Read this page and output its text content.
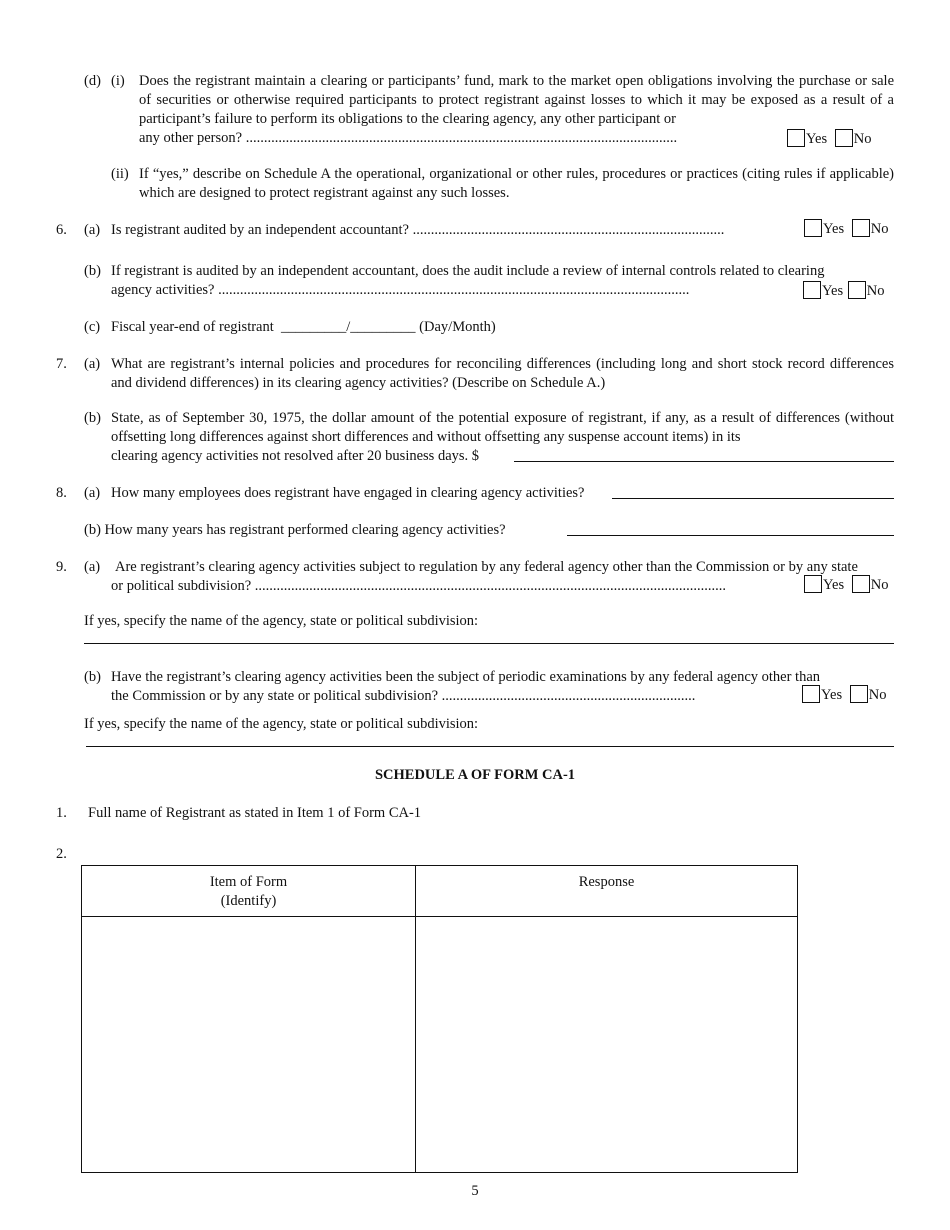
(d) (i) Does the registrant maintain a clearing or participants’ fund, mark to the market open obligations involving the purchase or sale of securities or otherwise required participants to protect registrant against losses to which it may be exposed as a result of a participant’s failure to perform its obligations to the clearing agency, any other participant or
any other person? .......................................................................................................................	Yes No
(ii) If “yes,” describe on Schedule A the operational, organizational or other rules, procedures or practices (citing rules if applicable) which are designed to protect registrant against any such losses.
6. (a) Is registrant audited by an independent accountant? ......................................................................................	Yes No
(b) If registrant is audited by an independent accountant, does the audit include a review of internal controls related to clearing
agency activities? ..................................................................................................................................	Yes No
(c) Fiscal year-end of registrant  _________/_________ (Day/Month)
7. (a) What are registrant’s internal policies and procedures for reconciling differences (including long and short stock record differences and dividend differences) in its clearing agency activities? (Describe on Schedule A.)
(b) State, as of September 30, 1975, the dollar amount of the potential exposure of registrant, if any, as a result of differences (without offsetting long differences against short differences and without offsetting any suspense account items) in its
clearing agency activities not resolved after 20 business days. $
8. (a) How many employees does registrant have engaged in clearing agency activities?
(b) How many years has registrant performed clearing agency activities?
9. (a) Are registrant’s clearing agency activities subject to regulation by any federal agency other than the Commission or by any state
or political subdivision? ..................................................................................................................................	Yes No
If yes, specify the name of the agency, state or political subdivision:
(b) Have the registrant’s clearing agency activities been the subject of periodic examinations by any federal agency other than
the Commission or by any state or political subdivision? ......................................................................	Yes No
If yes, specify the name of the agency, state or political subdivision:
SCHEDULE A OF FORM CA-1
1. Full name of Registrant as stated in Item 1 of Form CA-1
2.
Item of Form
(Identify)	Response

5
